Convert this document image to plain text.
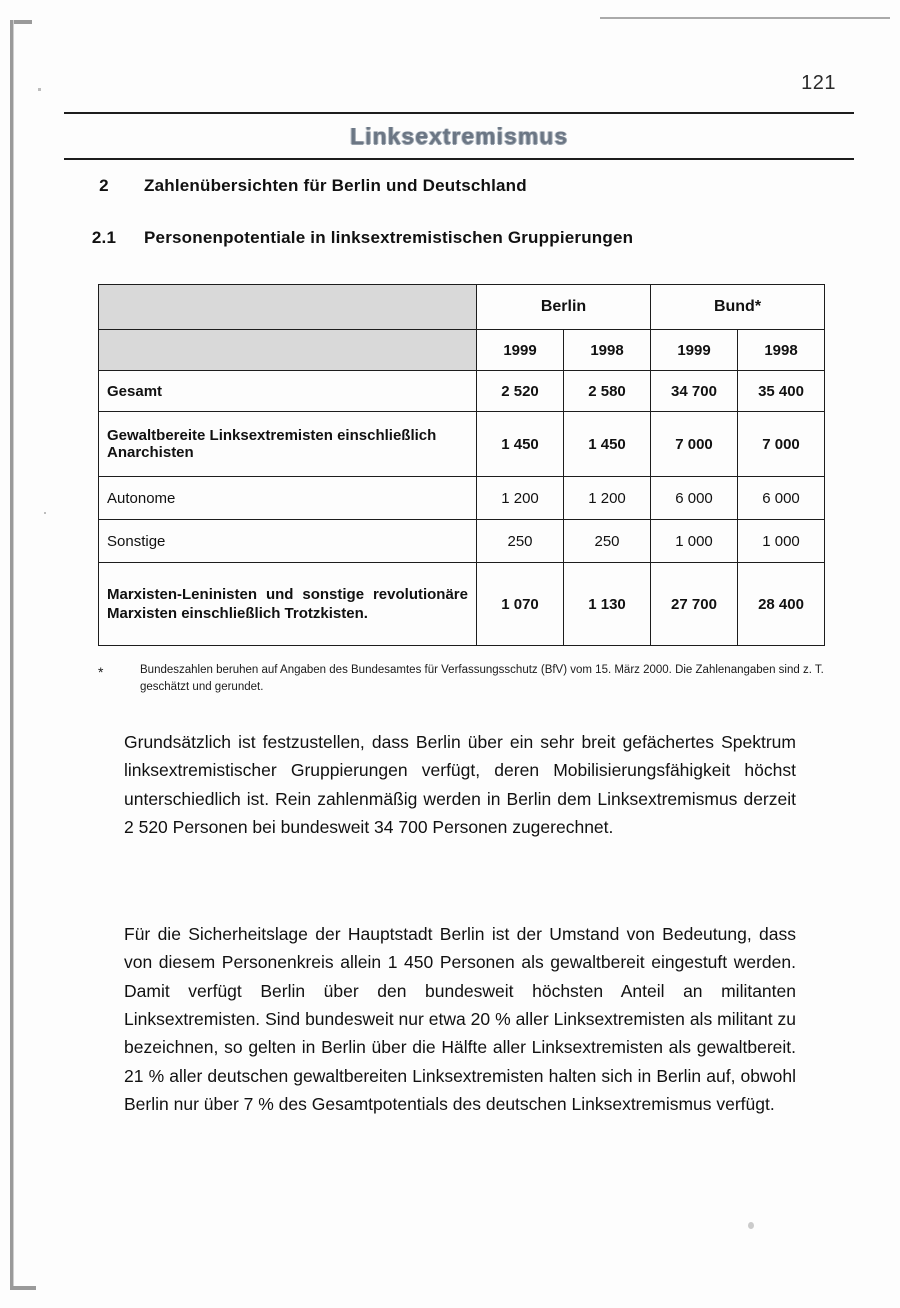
121
Linksextremismus
2 Zahlenübersichten für Berlin und Deutschland
2.1 Personenpotentiale in linksextremistischen Gruppierungen
	Berlin		Bund*	
	1999	1998	1999	1998
Gesamt	2 520	2 580	34 700	35 400
Gewaltbereite Linksextremisten einschließlich Anarchisten	1 450	1 450	7 000	7 000
Autonome	1 200	1 200	6 000	6 000
Sonstige	250	250	1 000	1 000
Marxisten-Leninisten und sonstige revolutionäre Marxisten einschließlich Trotzkisten.	1 070	1 130	27 700	28 400
*	Bundeszahlen beruhen auf Angaben des Bundesamtes für Verfassungsschutz (BfV) vom 15. März 2000. Die Zahlenangaben sind z. T. geschätzt und gerundet.

Grundsätzlich ist festzustellen, dass Berlin über ein sehr breit gefächertes Spektrum linksextremistischer Gruppierungen verfügt, deren Mobilisierungsfähigkeit höchst unterschiedlich ist. Rein zahlenmäßig werden in Berlin dem Linksextremismus derzeit 2 520 Personen bei bundesweit 34 700 Personen zugerechnet.

Für die Sicherheitslage der Hauptstadt Berlin ist der Umstand von Bedeutung, dass von diesem Personenkreis allein 1 450 Personen als gewaltbereit eingestuft werden. Damit verfügt Berlin über den bundesweit höchsten Anteil an militanten Linksextremisten. Sind bundesweit nur etwa 20 % aller Linksextremisten als militant zu bezeichnen, so gelten in Berlin über die Hälfte aller Linksextremisten als gewaltbereit. 21 % aller deutschen gewaltbereiten Linksextremisten halten sich in Berlin auf, obwohl Berlin nur über 7 % des Gesamtpotentials des deutschen Linksextremismus verfügt.
